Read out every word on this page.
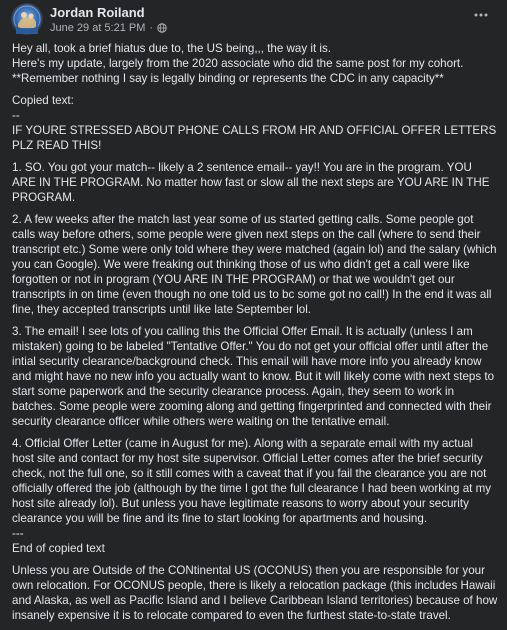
Jordan Roiland
June 29 at 5:21 PM ·

Hey all, took a brief hiatus due to, the US being,,, the way it is.
Here's my update, largely from the 2020 associate who did the same post for my cohort.
**Remember nothing I say is legally binding or represents the CDC in any capacity**

Copied text:
--
IF YOURE STRESSED ABOUT PHONE CALLS FROM HR AND OFFICIAL OFFER LETTERS PLZ READ THIS!

1. SO. You got your match-- likely a 2 sentence email-- yay!! You are in the program. YOU ARE IN THE PROGRAM. No matter how fast or slow all the next steps are YOU ARE IN THE PROGRAM.

2. A few weeks after the match last year some of us started getting calls. Some people got calls way before others, some people were given next steps on the call (where to send their transcript etc.) Some were only told where they were matched (again lol) and the salary (which you can Google). We were freaking out thinking those of us who didn't get a call were like forgotten or not in program (YOU ARE IN THE PROGRAM) or that we wouldn't get our transcripts in on time (even though no one told us to bc some got no call!) In the end it was all fine, they accepted transcripts until like late September lol.

3. The email! I see lots of you calling this the Official Offer Email. It is actually (unless I am mistaken) going to be labeled "Tentative Offer." You do not get your official offer until after the intial security clearance/background check. This email will have more info you already know and might have no new info you actually want to know. But it will likely come with next steps to start some paperwork and the security clearance process. Again, they seem to work in batches. Some people were zooming along and getting fingerprinted and connected with their security clearance officer while others were waiting on the tentative email.

4. Official Offer Letter (came in August for me). Along with a separate email with my actual host site and contact for my host site supervisor. Official Letter comes after the brief security check, not the full one, so it still comes with a caveat that if you fail the clearance you are not officially offered the job (although by the time I got the full clearance I had been working at my host site already lol). But unless you have legitimate reasons to worry about your security clearance you will be fine and its fine to start looking for apartments and housing.
---
End of copied text

Unless you are Outside of the CONtinental US (OCONUS) then you are responsible for your own relocation. For OCONUS people, there is likely a relocation package (this includes Hawaii and Alaska, as well as Pacific Island and I believe Caribbean Island territories) because of how insanely expensive it is to relocate compared to even the furthest state-to-state travel.
